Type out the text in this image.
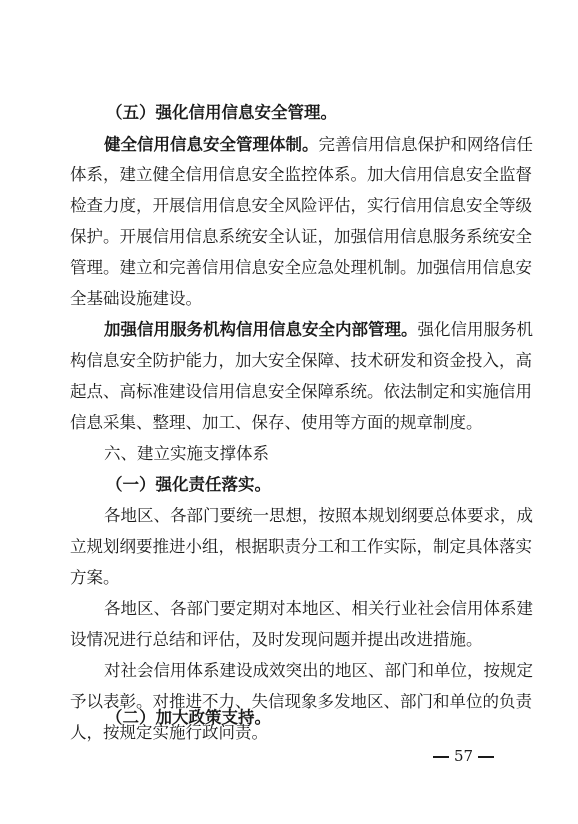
（五）强化信用信息安全管理。
健全信用信息安全管理体制。完善信用信息保护和网络信任
体系，建立健全信用信息安全监控体系。加大信用信息安全监督
检查力度，开展信用信息安全风险评估，实行信用信息安全等级
保护。开展信用信息系统安全认证，加强信用信息服务系统安全
管理。建立和完善信用信息安全应急处理机制。加强信用信息安
全基础设施建设。
加强信用服务机构信用信息安全内部管理。强化信用服务机
构信息安全防护能力，加大安全保障、技术研发和资金投入，高
起点、高标准建设信用信息安全保障系统。依法制定和实施信用
信息采集、整理、加工、保存、使用等方面的规章制度。
六、建立实施支撑体系
（一）强化责任落实。
各地区、各部门要统一思想，按照本规划纲要总体要求，成
立规划纲要推进小组，根据职责分工和工作实际，制定具体落实
方案。
各地区、各部门要定期对本地区、相关行业社会信用体系建
设情况进行总结和评估，及时发现问题并提出改进措施。
对社会信用体系建设成效突出的地区、部门和单位，按规定
予以表彰。对推进不力、失信现象多发地区、部门和单位的负责
人，按规定实施行政问责。
57
（二）加大政策支持。
